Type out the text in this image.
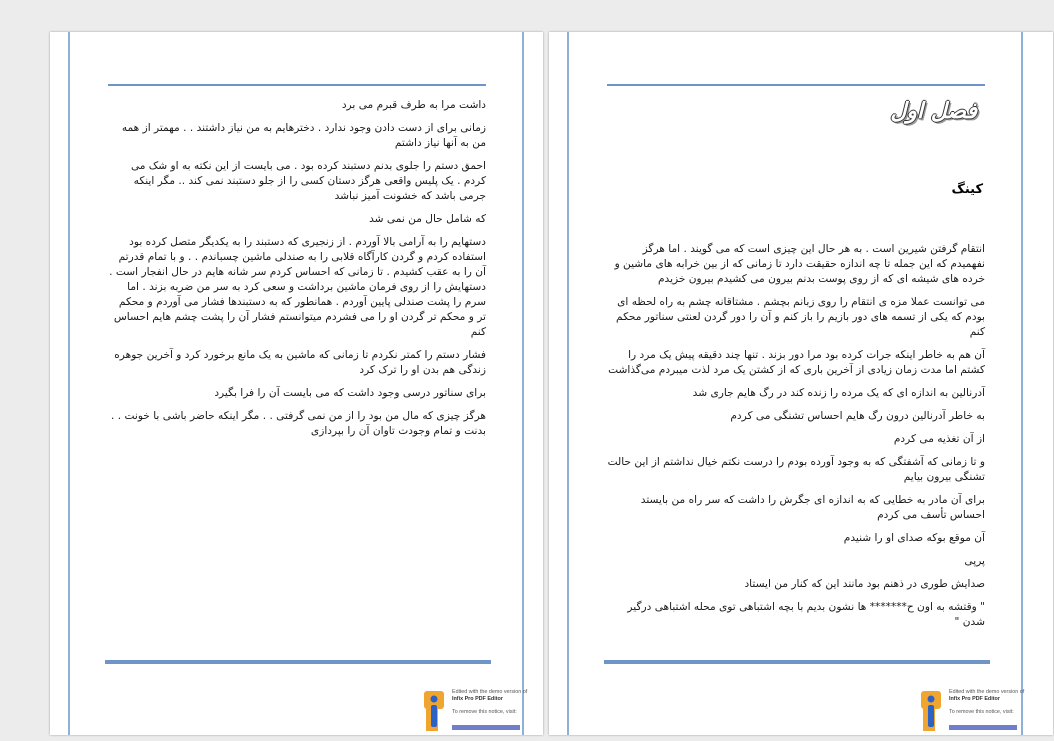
داشت مرا به طرف قبرم می برد

زمانی برای از دست دادن وجود ندارد . دخترهایم به من نیاز داشتند . . مهمتر از همه من به آنها نیاز داشتم

احمق دستم را جلوی بدنم دستبند کرده بود . می بایست از این نکته به او شک می کردم . یک پلیس واقعی هرگز دستان کسی را از جلو دستبند نمی کند .. مگر اینکه جرمی باشد که خشونت آمیز نباشد

که شامل حال من نمی شد

دستهایم را به آرامی بالا آوردم . از زنجیری که دستبند را به یکدیگر متصل کرده بود استفاده کردم و گردن کارآگاه قلابی را به صندلی ماشین چسباندم . . و با تمام قدرتم آن را به عقب کشیدم . تا زمانی که احساس کردم سر شانه هایم در حال انفجار است . دستهایش را از روی فرمان ماشین برداشت و سعی کرد به سر من ضربه بزند . اما سرم را پشت صندلی پایین آوردم . همانطور که به دستبندها فشار می آوردم و محکم تر و محکم تر گردن او را می فشردم میتوانستم فشار آن را پشت چشم هایم احساس کنم

فشار دستم را کمتر نکردم تا زمانی که ماشین به یک مانع برخورد کرد و آخرین جوهره زندگی هم بدن او را ترک کرد

برای سناتور درسی وجود داشت که می بایست آن را فرا بگیرد

هرگز چیزی که مال من بود را از من نمی گرفتی . . مگر اینکه حاضر باشی با خونت . . بدنت و تمام وجودت تاوان آن را بپردازی

Edited with the demo version of
Infix Pro PDF Editor
To remove this notice, visit:
فصل اول
کینگ

انتقام گرفتن شیرین است . به هر حال این چیزی است که می گویند . اما هرگز نفهمیدم که این جمله تا چه اندازه حقیقت دارد تا زمانی که از بین خرابه های ماشین و خرده های شیشه ای که از روی پوست بدنم بیرون می کشیدم بیرون خزیدم

می توانست عملا مزه ی انتقام را روی زبانم بچشم . مشتاقانه چشم به راه لحظه ای بودم که یکی از تسمه های دور بازیم را باز کنم و آن را دور گردن لعنتی سناتور محکم کنم

آن هم به خاطر اینکه جرات کرده بود مرا دور بزند . تنها چند دقیقه پیش یک مرد را کشتم اما مدت زمان زیادی از آخرین باری که از کشتن یک مرد لذت میبردم می‌گذاشت

آدرنالین به اندازه ای که یک مرده را زنده کند در رگ هایم جاری شد

به خاطر آدرنالین درون رگ هایم احساس تشنگی می کردم

از آن تغذیه می کردم

و تا زمانی که آشفتگی که به وجود آورده بودم را درست نکتم خیال نداشتم از این حالت تشنگی بیرون بیایم

برای آن مادر به خطایی که به اندازه ای جگرش را داشت که سر راه من بایستد احساس تأسف می کردم

آن موقع بوکه صدای او را شنیدم

پرپی

صدایش طوری در ذهنم بود مانند این که کنار من ایستاد

" وقتشه به اون ح******* ها نشون بدیم با بچه اشتباهی توی محله اشتباهی درگیر شدن "

Edited with the demo version of
Infix Pro PDF Editor
To remove this notice, visit:
